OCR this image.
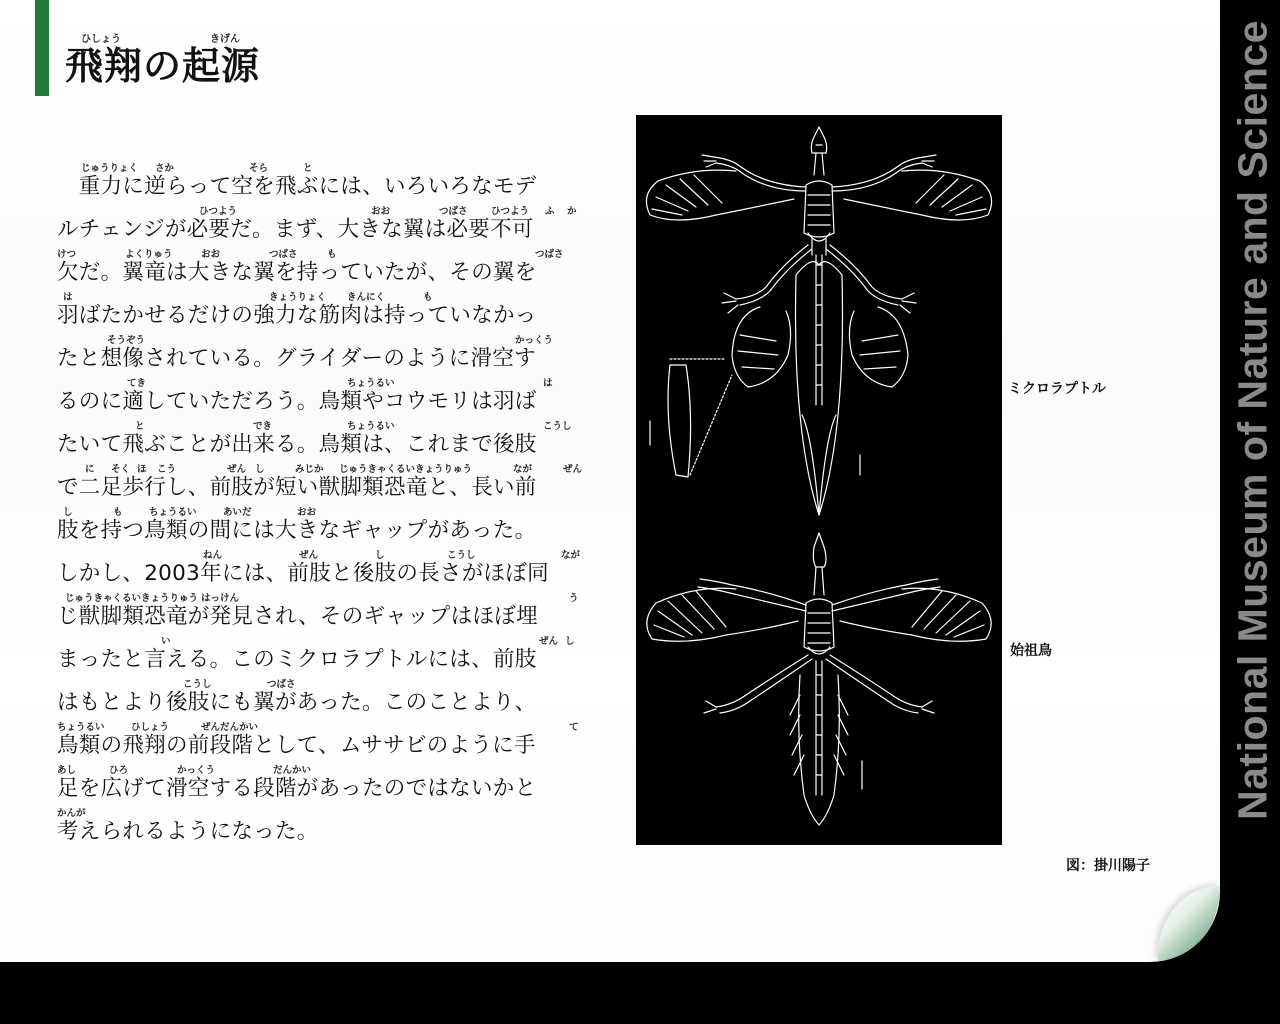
ひしょう	きげん
飛翔の起源
じゅうりょく さか	そら	と
　重力に逆らって空を飛ぶには、いろいろなモデ
ひつよう	おお	つばさ ひつよう ふ か
ルチェンジが必要だ。まず、大きな翼は必要不可
けつ	よくりゅう	おお	つばさ	も	つばさ
欠だ。翼竜は大きな翼を持っていたが、その翼を
は	きょうりょく きんにく	も
羽ばたかせるだけの強力な筋肉は持っていなかっ
そうぞう	かっくう
たと想像されている。グライダーのように滑空す
てき	ちょうるい	は
るのに適していただろう。鳥類やコウモリは羽ば
と	でき	ちょうるい	こうし
たいて飛ぶことが出来る。鳥類は、これまで後肢
に そく ほ こう	ぜん し	みじか じゅうきゃくるいきょうりゅう	なが	ぜん
で二足歩行し、前肢が短い獣脚類恐竜と、長い前
し	も	ちょうるい	あいだ	おお
肢を持つ鳥類の間には大きなギャップがあった。
ねん	ぜん	し	こうし	なが
しかし、2003年には、前肢と後肢の長さがほぼ同
じゅうきゃくるいきょうりゅう はっけん	う
じ獣脚類恐竜が発見され、そのギャップはほぼ埋
い	ぜん し
まったと言える。このミクロラプトルには、前肢
こうし	つばさ
はもとより後肢にも翼があった。このことより、
ちょうるい	ひしょう	ぜんだんかい	て
鳥類の飛翔の前段階として、ムササビのように手
あし	ひろ	かっくう	だんかい
足を広げて滑空する段階があったのではないかと
かんが
考えられるようになった。
ミクロラプトル
始祖鳥
図：掛川陽子
National Museum of Nature and Science
